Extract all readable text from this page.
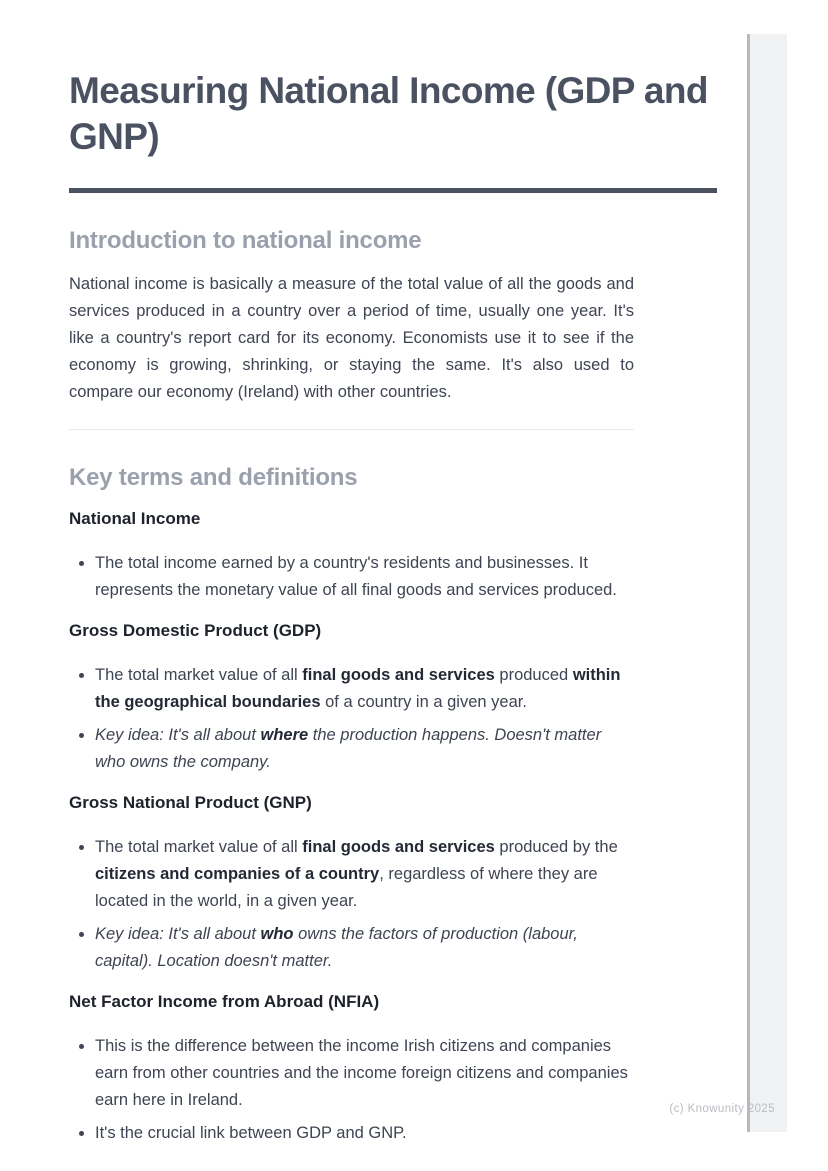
Measuring National Income (GDP and GNP)
Introduction to national income

National income is basically a measure of the total value of all the goods and services produced in a country over a period of time, usually one year. It's like a country's report card for its economy. Economists use it to see if the economy is growing, shrinking, or staying the same. It's also used to compare our economy (Ireland) with other countries.

Key terms and definitions
National Income
• The total income earned by a country's residents and businesses. It represents the monetary value of all final goods and services produced.
Gross Domestic Product (GDP)
• The total market value of all final goods and services produced within the geographical boundaries of a country in a given year.
• Key idea: It's all about where the production happens. Doesn't matter who owns the company.
Gross National Product (GNP)
• The total market value of all final goods and services produced by the citizens and companies of a country, regardless of where they are located in the world, in a given year.
• Key idea: It's all about who owns the factors of production (labour, capital). Location doesn't matter.
Net Factor Income from Abroad (NFIA)
• This is the difference between the income Irish citizens and companies earn from other countries and the income foreign citizens and companies earn here in Ireland.
• It's the crucial link between GDP and GNP.
(c) Knowunity 2025
